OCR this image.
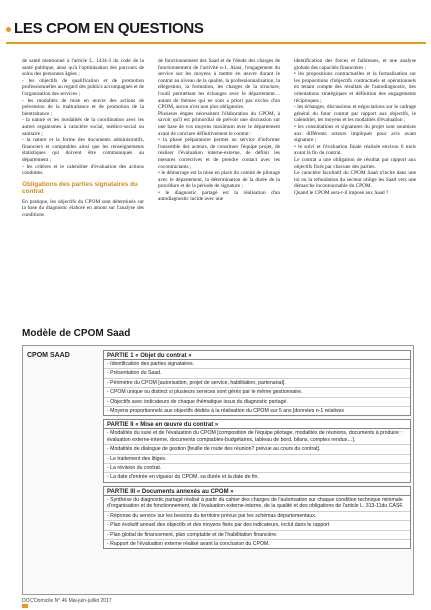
LES CPOM EN QUESTIONS

de santé mentionné à l'article L. 1434-3 du code de la santé publique, ainsi qu'à l'optimisation des parcours de soins des personnes âgées ;

- les objectifs de qualification et de promotion professionnelles au regard des publics accompagnés et de l'organisation des services ;

- les modalités de mise en œuvre des actions de prévention de la maltraitance et de promotion de la bientraitance ;

- la nature et les modalités de la coordination avec les autres organismes à caractère social, médico-social ou sanitaire ;

- la nature et la forme des documents administratifs, financiers et comptables ainsi que les renseignements statistiques qui doivent être communiqués au département ;

- les critères et le calendrier d'évaluation des actions conduites.

Obligations des parties signataires du contrat

En pratique, les objectifs du CPOM sont déterminés sur la base du diagnostic élaboré en amont sur l'analyse des conditions

de fonctionnement des Saad et de l'étude des charges de fonctionnement de l'activité n-1. Ainsi, l'engagement du service sur les moyens à mettre en œuvre durant le contrat au niveau de la qualité, la professionnalisation, la télégestion, la formation, les charges de la structure, l'outil permettant les échanges avec le département… autant de thèmes qui ne sont a priori pas exclus d'un CPOM, aucun n'est non plus obligatoire.

Plusieurs étapes nécessitent l'élaboration du CPOM, à savoir qu'il est primordial de prévoir une discussion sur une base de vos moyens maximum avec le département avant de conclure définitivement le contrat :

• la phase préparatoire permet au service d'informer l'ensemble des acteurs, de constituer l'équipe projet, de réaliser l'évaluation interne-externe, de définir les mesures correctives et de prendre contact avec les cocontractants ;

• le démarrage est la mise en place du comité de pilotage avec le département, la détermination de la durée de la procédure et de la période de signature ;

• le diagnostic partagé est la réalisation d'un autodiagnostic lucide avec une

identification des forces et faiblesses, et une analyse globale des capacités financières ;

• les propositions contractuelles et la formalisation sur les propositions d'objectifs contractuels et opérationnels en tenant compte des résultats de l'autodiagnostic, des orientations stratégiques et définition des engagements réciproques ;

- les échanges, discussions et négociations sur le cadrage général du futur contrat par rapport aux objectifs, le calendrier, les moyens et les modalités d'évaluation ;

• les consultations et signatures du projet sont soumises aux différents acteurs impliqués pour avis avant signature ;

• le suivi et l'évaluation finale réalisée environ 6 mois avant la fin du contrat.

Le contrat a une obligation de résultat par rapport aux objectifs fixés par chacune des parties.

Le caractère facultatif du CPOM Saad n'incite dans une loi ou la refondation du secteur oblige les Saad vers une démarche incontournable du CPOM.

Quand le CPOM sera-t-il imposé aux Saad ?

Modèle de CPOM Saad
CPOM SAAD	PARTIE 1 « Objet du contrat »
- Identification des parties signataires.
- Présentation du Saad.
- Périmètre du CPOM [autorisation, projet de service, habilitation, partenariat].
- CPOM unique ou distinct si plusieurs services sont gérés par le même gestionnaire.
- Objectifs avec indicateurs de chaque thématique issus du diagnostic partagé.
- Moyens proportionnels aux objectifs dédiés à la réalisation du CPOM sur 5 ans [données n-1 relatives
PARTIE II « Mise en œuvre du contrat »
- Modalités du suivi et de l'évaluation du CPOM [composition de l'équipe pilotage, modalités de réunions, documents à produire : évaluation externe-interne, documents comptables-budgétaires, tableau de bord, bilans, comptes rendus…].
- Modalités de dialogue de gestion [feuille de route des réunion? prévue au cours du contrat].
- Le traitement des litiges.
- La révision du contrat.
- La date d'entrée en vigueur du CPOM, sa durée et la date de fin.
PARTIE III « Documents annexés au CPOM »
- Synthèse du diagnostic partagé réalisé à partir du cahier des charges de l'autorisation sur chaque condition technique minimale d'organisation et de fonctionnement, de l'évaluation externe-interne, de la qualité et des obligations de l'article L. 313-11du CASF.
- Réponse du service sur les besoins du territoire prévus par les schémas départementaux.
- Plan évolutif annuel des objectifs et des moyens fixés par des indicateurs, inclut dans le rapport
- Plan global de financement, plan comptable et de l'habilitation financière.
- Rapport de l'évaluation externe réalisé avant la conclusion du CPOM.
DOC'Domicile N° 46 Mai-juin-juillet 2017
